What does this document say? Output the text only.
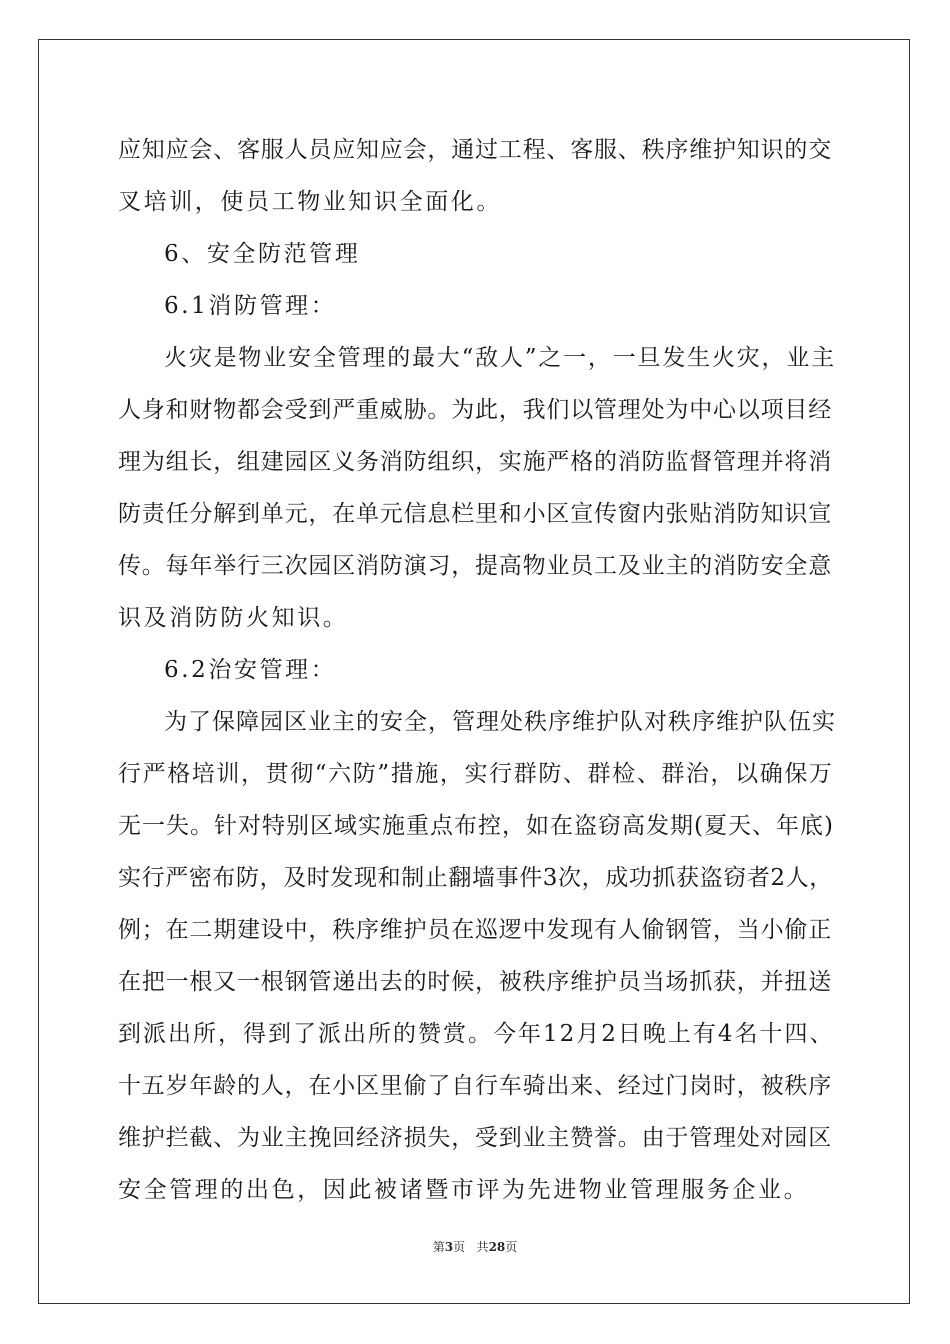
应知应会、客服人员应知应会，通过工程、客服、秩序维护知识的交
叉培训，使员工物业知识全面化。
6、安全防范管理
6.1消防管理：
火灾是物业安全管理的最大“敌人”之一，一旦发生火灾，业主
人身和财物都会受到严重威胁。为此，我们以管理处为中心以项目经
理为组长，组建园区义务消防组织，实施严格的消防监督管理并将消
防责任分解到单元，在单元信息栏里和小区宣传窗内张贴消防知识宣
传。每年举行三次园区消防演习，提高物业员工及业主的消防安全意
识及消防防火知识。
6.2治安管理：
为了保障园区业主的安全，管理处秩序维护队对秩序维护队伍实
行严格培训，贯彻“六防”措施，实行群防、群检、群治，以确保万
无一失。针对特别区域实施重点布控，如在盗窃高发期(夏天、年底)
实行严密布防，及时发现和制止翻墙事件3次，成功抓获盗窃者2人，
例；在二期建设中，秩序维护员在巡逻中发现有人偷钢管，当小偷正
在把一根又一根钢管递出去的时候，被秩序维护员当场抓获，并扭送
到派出所，得到了派出所的赞赏。今年12月2日晚上有4名十四、
十五岁年龄的人，在小区里偷了自行车骑出来、经过门岗时，被秩序
维护拦截、为业主挽回经济损失，受到业主赞誉。由于管理处对园区
安全管理的出色，因此被诸暨市评为先进物业管理服务企业。
第3页 共28页
